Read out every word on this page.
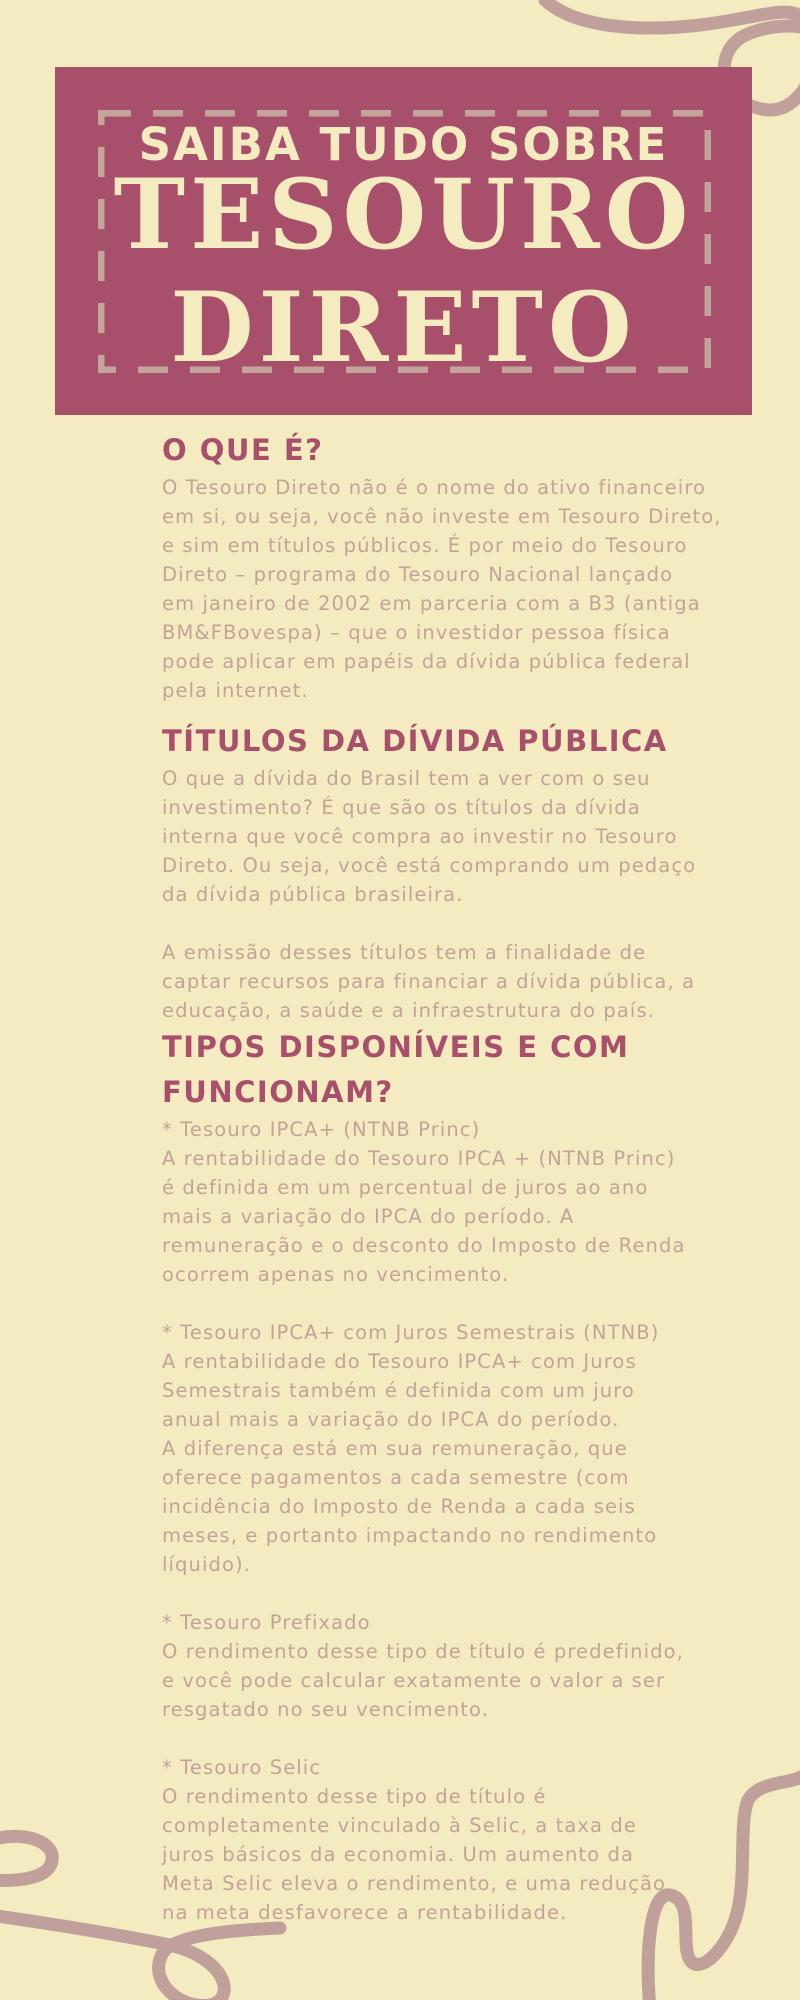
SAIBA TUDO SOBRE
TESOURO
DIRETO
O QUE É?

O Tesouro Direto não é o nome do ativo financeiro
em si, ou seja, você não investe em Tesouro Direto,
e sim em títulos públicos. É por meio do Tesouro
Direto – programa do Tesouro Nacional lançado
em janeiro de 2002 em parceria com a B3 (antiga
BM&FBovespa) – que o investidor pessoa física
pode aplicar em papéis da dívida pública federal
pela internet.

TÍTULOS DA DÍVIDA PÚBLICA

O que a dívida do Brasil tem a ver com o seu
investimento? É que são os títulos da dívida
interna que você compra ao investir no Tesouro
Direto. Ou seja, você está comprando um pedaço
da dívida pública brasileira.

A emissão desses títulos tem a finalidade de
captar recursos para financiar a dívida pública, a
educação, a saúde e a infraestrutura do país.

TIPOS DISPONÍVEIS E COM
FUNCIONAM?

* Tesouro IPCA+ (NTNB Princ)

A rentabilidade do Tesouro IPCA + (NTNB Princ)
é definida em um percentual de juros ao ano
mais a variação do IPCA do período. A
remuneração e o desconto do Imposto de Renda
ocorrem apenas no vencimento.

* Tesouro IPCA+ com Juros Semestrais (NTNB)

A rentabilidade do Tesouro IPCA+ com Juros
Semestrais também é definida com um juro
anual mais a variação do IPCA do período.
A diferença está em sua remuneração, que
oferece pagamentos a cada semestre (com
incidência do Imposto de Renda a cada seis
meses, e portanto impactando no rendimento
líquido).

* Tesouro Prefixado

O rendimento desse tipo de título é predefinido,
e você pode calcular exatamente o valor a ser
resgatado no seu vencimento.

* Tesouro Selic

O rendimento desse tipo de título é
completamente vinculado à Selic, a taxa de
juros básicos da economia. Um aumento da
Meta Selic eleva o rendimento, e uma redução
na meta desfavorece a rentabilidade.
